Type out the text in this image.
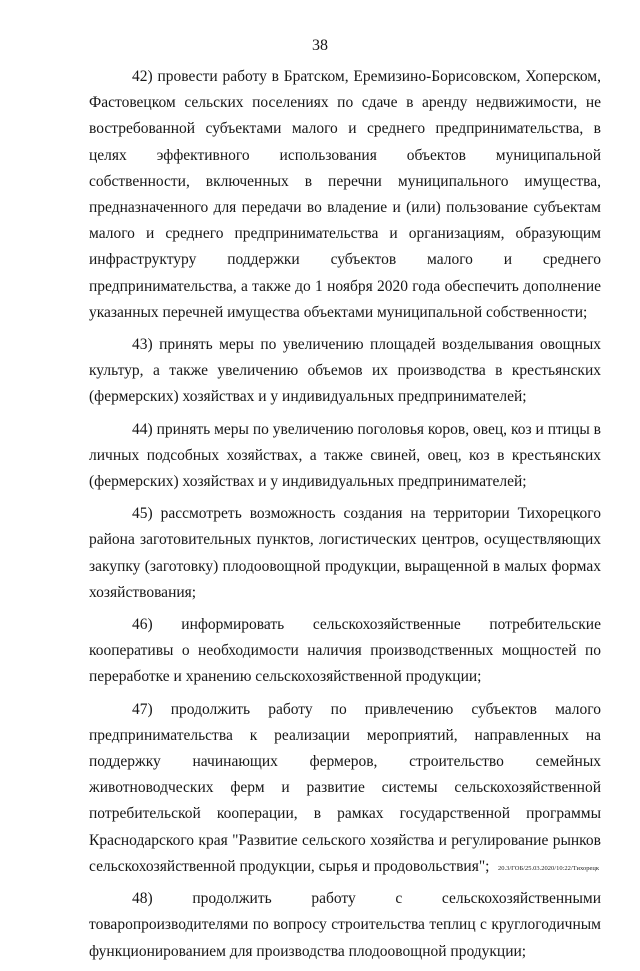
38

42) провести работу в Братском, Еремизино-Борисовском, Хоперском, Фастовецком сельских поселениях по сдаче в аренду недвижимости, не востребованной субъектами малого и среднего предпринимательства, в целях эффективного использования объектов муниципальной собственности, включенных в перечни муниципального имущества, предназначенного для передачи во владение и (или) пользование субъектам малого и среднего предпринимательства и организациям, образующим инфраструктуру поддержки субъектов малого и среднего предпринимательства, а также до 1 ноября 2020 года обеспечить дополнение указанных перечней имущества объектами муниципальной собственности;

43) принять меры по увеличению площадей возделывания овощных культур, а также увеличению объемов их производства в крестьянских (фермерских) хозяйствах и у индивидуальных предпринимателей;

44) принять меры по увеличению поголовья коров, овец, коз и птицы в личных подсобных хозяйствах, а также свиней, овец, коз в крестьянских (фермерских) хозяйствах и у индивидуальных предпринимателей;

45) рассмотреть возможность создания на территории Тихорецкого района заготовительных пунктов, логистических центров, осуществляющих закупку (заготовку) плодоовощной продукции, выращенной в малых формах хозяйствования;

46) информировать сельскохозяйственные потребительские кооперативы о необходимости наличия производственных мощностей по переработке и хранению сельскохозяйственной продукции;

47) продолжить работу по привлечению субъектов малого предпринимательства к реализации мероприятий, направленных на поддержку начинающих фермеров, строительство семейных животноводческих ферм и развитие системы сельскохозяйственной потребительской кооперации, в рамках государственной программы Краснодарского края "Развитие сельского хозяйства и регулирование рынков сельскохозяйственной продукции, сырья и продовольствия";

48) продолжить работу с сельскохозяйственными товаропроизводителями по вопросу строительства теплиц с круглогодичным функционированием для производства плодоовощной продукции;

20.3/ГОБ/25.03.2020/10:22/Тихорецк
